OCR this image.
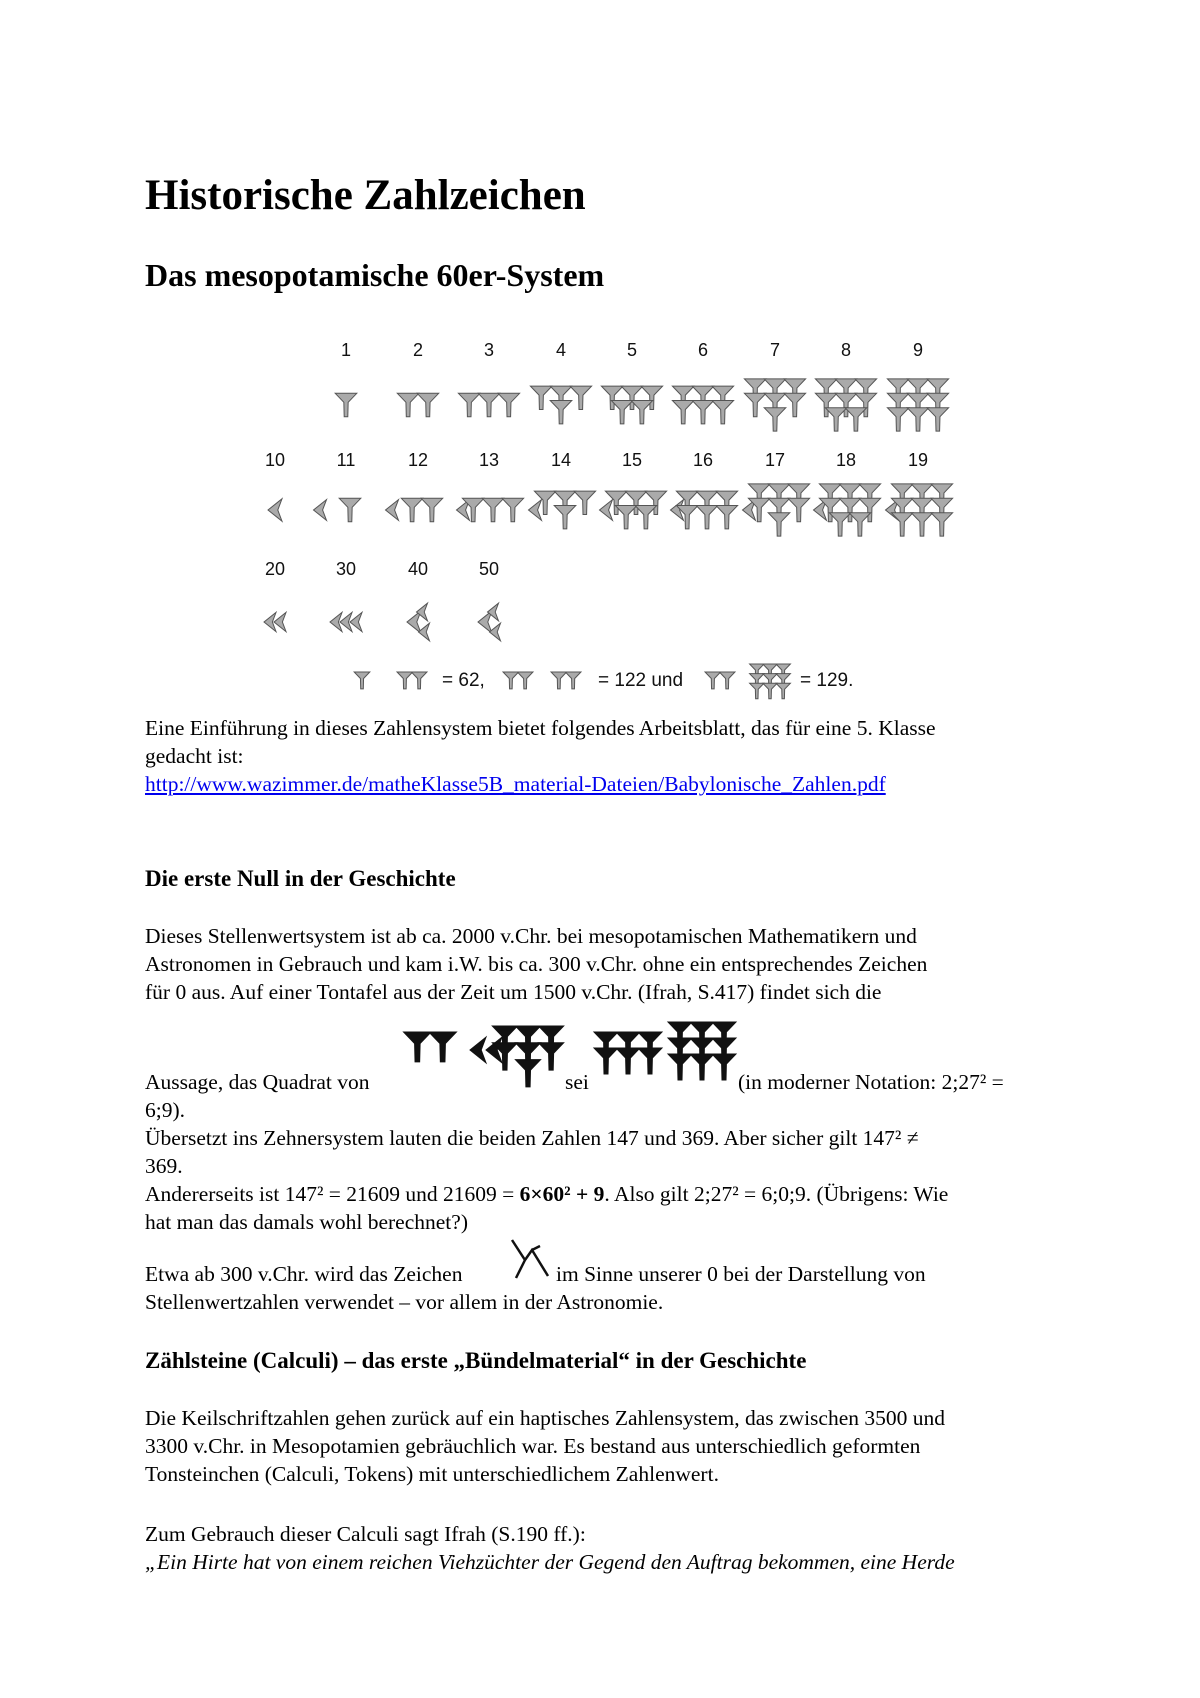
Historische Zahlzeichen
Das mesopotamische 60er-System
1	2	3	4	5	6	7	8	9
10	11	12	13	14	15	16	17	18	19
20	30	40	50
= 62,	= 122 und	= 129.
Eine Einführung in dieses Zahlensystem bietet folgendes Arbeitsblatt, das für eine 5. Klasse
gedacht ist:
http://www.wazimmer.de/matheKlasse5B_material-Dateien/Babylonische_Zahlen.pdf
Die erste Null in der Geschichte
Dieses Stellenwertsystem ist ab ca. 2000 v.Chr. bei mesopotamischen Mathematikern und
Astronomen in Gebrauch und kam i.W. bis ca. 300 v.Chr. ohne ein entsprechendes Zeichen
für 0 aus. Auf einer Tontafel aus der Zeit um 1500 v.Chr. (Ifrah, S.417) findet sich die
Aussage, das Quadrat von	sei	(in moderner Notation: 2;27² =
6;9).
Übersetzt ins Zehnersystem lauten die beiden Zahlen 147 und 369. Aber sicher gilt 147² ≠
369.
Andererseits ist 147² = 21609 und 21609 = 6×60² + 9. Also gilt 2;27² = 6;0;9. (Übrigens: Wie
hat man das damals wohl berechnet?)
Etwa ab 300 v.Chr. wird das Zeichen	im Sinne unserer 0 bei der Darstellung von
Stellenwertzahlen verwendet – vor allem in der Astronomie.
Zählsteine (Calculi) – das erste „Bündelmaterial“ in der Geschichte
Die Keilschriftzahlen gehen zurück auf ein haptisches Zahlensystem, das zwischen 3500 und
3300 v.Chr. in Mesopotamien gebräuchlich war. Es bestand aus unterschiedlich geformten
Tonsteinchen (Calculi, Tokens) mit unterschiedlichem Zahlenwert.
Zum Gebrauch dieser Calculi sagt Ifrah (S.190 ff.):
„Ein Hirte hat von einem reichen Viehzüchter der Gegend den Auftrag bekommen, eine Herde
